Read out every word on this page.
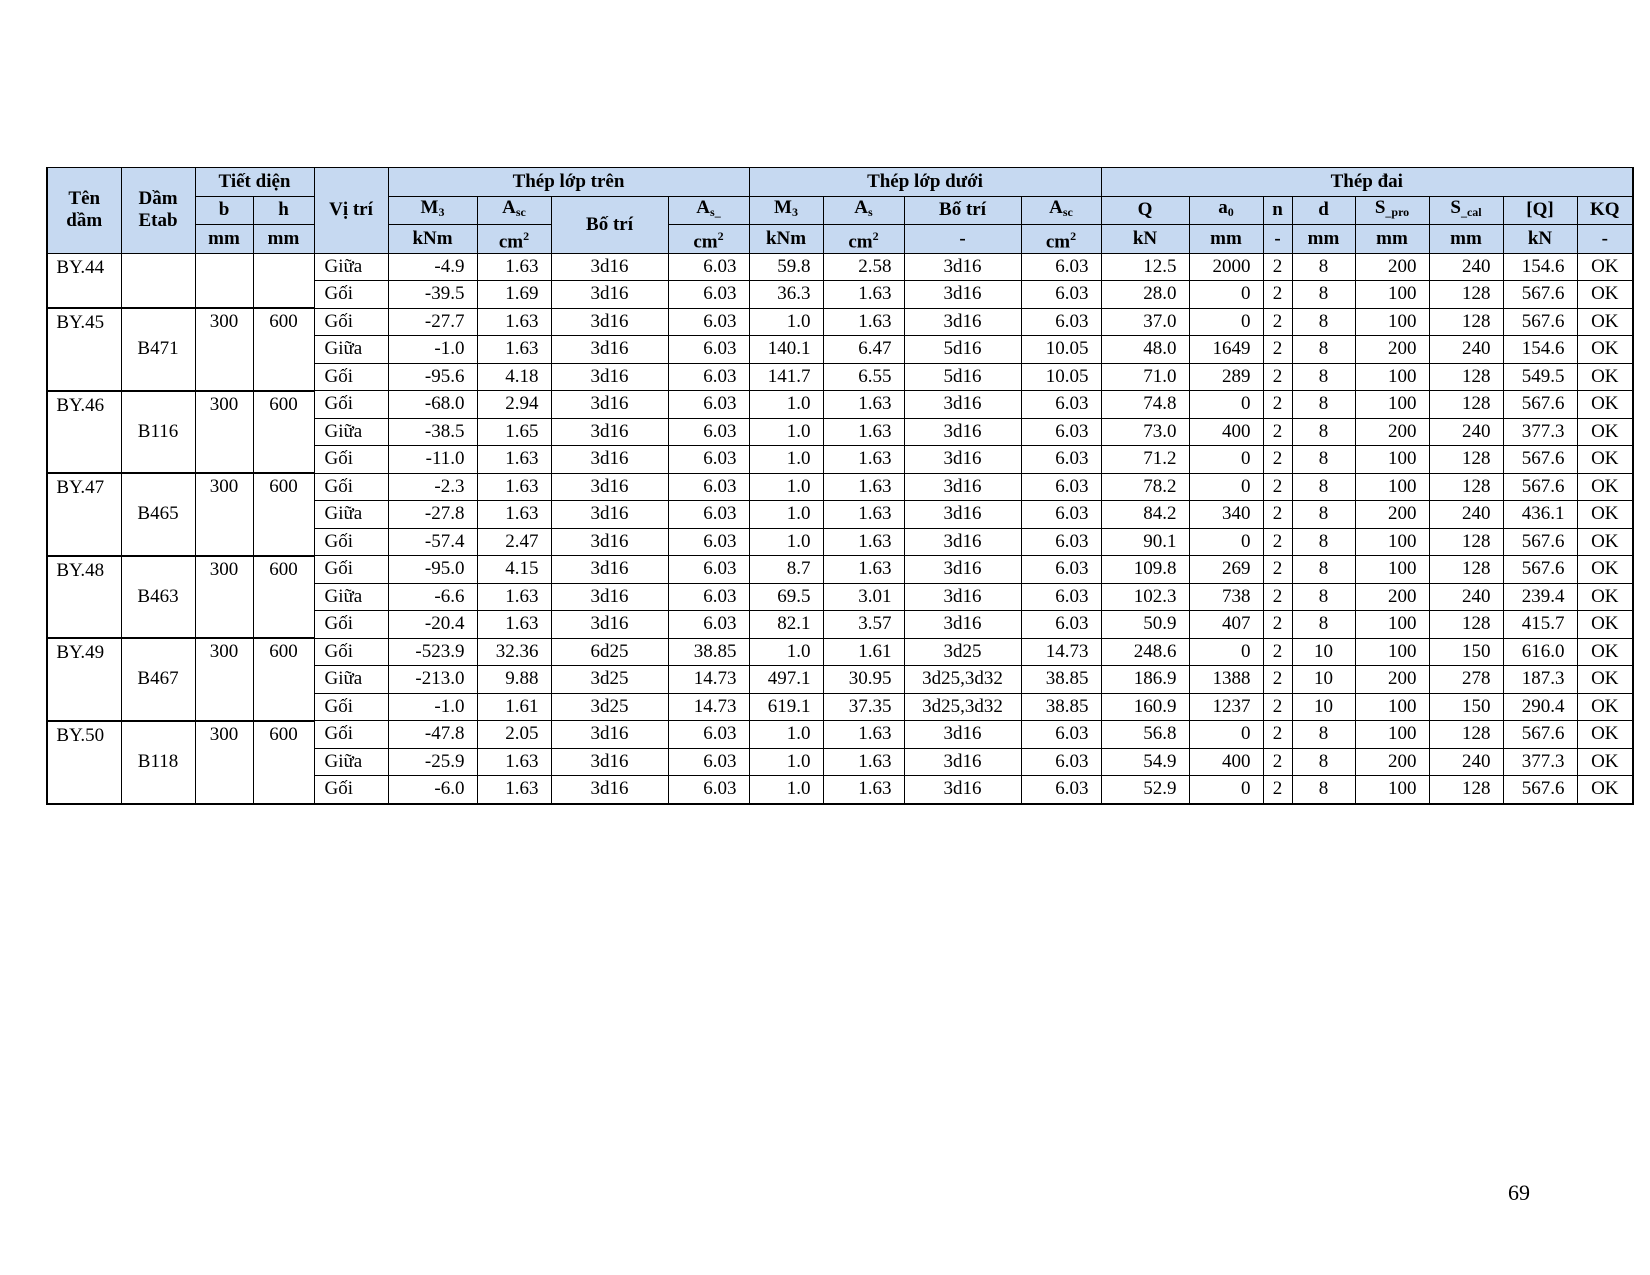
Tên dầm	Dầm Etab	Tiết diện		Vị trí	Thép lớp trên				Thép lớp dưới				Thép đai							
		b	h		$M_3$	$A_{sc}$	Bố trí	$A_{s\_}$	$M_3$	$A_s$	Bố trí	$A_{sc}$	Q	$a_0$	n	d	$S_{\_pro}$	$S_{\_cal}$	[Q]	KQ
		mm	mm		kNm	$cm^2$		$cm^2$	kNm	$cm^2$	-	$cm^2$	kN	mm	-	mm	mm	mm	kN	-
BY.44				Giữa	-4.9	1.63	3d16	6.03	59.8	2.58	3d16	6.03	12.5	2000	2	8	200	240	154.6	OK
				Gối	-39.5	1.69	3d16	6.03	36.3	1.63	3d16	6.03	28.0	0	2	8	100	128	567.6	OK
BY.45	B471	300	600	Gối	-27.7	1.63	3d16	6.03	1.0	1.63	3d16	6.03	37.0	0	2	8	100	128	567.6	OK
				Giữa	-1.0	1.63	3d16	6.03	140.1	6.47	5d16	10.05	48.0	1649	2	8	200	240	154.6	OK
				Gối	-95.6	4.18	3d16	6.03	141.7	6.55	5d16	10.05	71.0	289	2	8	100	128	549.5	OK
BY.46	B116	300	600	Gối	-68.0	2.94	3d16	6.03	1.0	1.63	3d16	6.03	74.8	0	2	8	100	128	567.6	OK
				Giữa	-38.5	1.65	3d16	6.03	1.0	1.63	3d16	6.03	73.0	400	2	8	200	240	377.3	OK
				Gối	-11.0	1.63	3d16	6.03	1.0	1.63	3d16	6.03	71.2	0	2	8	100	128	567.6	OK
BY.47	B465	300	600	Gối	-2.3	1.63	3d16	6.03	1.0	1.63	3d16	6.03	78.2	0	2	8	100	128	567.6	OK
				Giữa	-27.8	1.63	3d16	6.03	1.0	1.63	3d16	6.03	84.2	340	2	8	200	240	436.1	OK
				Gối	-57.4	2.47	3d16	6.03	1.0	1.63	3d16	6.03	90.1	0	2	8	100	128	567.6	OK
BY.48	B463	300	600	Gối	-95.0	4.15	3d16	6.03	8.7	1.63	3d16	6.03	109.8	269	2	8	100	128	567.6	OK
				Giữa	-6.6	1.63	3d16	6.03	69.5	3.01	3d16	6.03	102.3	738	2	8	200	240	239.4	OK
				Gối	-20.4	1.63	3d16	6.03	82.1	3.57	3d16	6.03	50.9	407	2	8	100	128	415.7	OK
BY.49	B467	300	600	Gối	-523.9	32.36	6d25	38.85	1.0	1.61	3d25	14.73	248.6	0	2	10	100	150	616.0	OK
				Giữa	-213.0	9.88	3d25	14.73	497.1	30.95	3d25,3d32	38.85	186.9	1388	2	10	200	278	187.3	OK
				Gối	-1.0	1.61	3d25	14.73	619.1	37.35	3d25,3d32	38.85	160.9	1237	2	10	100	150	290.4	OK
BY.50	B118	300	600	Gối	-47.8	2.05	3d16	6.03	1.0	1.63	3d16	6.03	56.8	0	2	8	100	128	567.6	OK
				Giữa	-25.9	1.63	3d16	6.03	1.0	1.63	3d16	6.03	54.9	400	2	8	200	240	377.3	OK
				Gối	-6.0	1.63	3d16	6.03	1.0	1.63	3d16	6.03	52.9	0	2	8	100	128	567.6	OK
69
